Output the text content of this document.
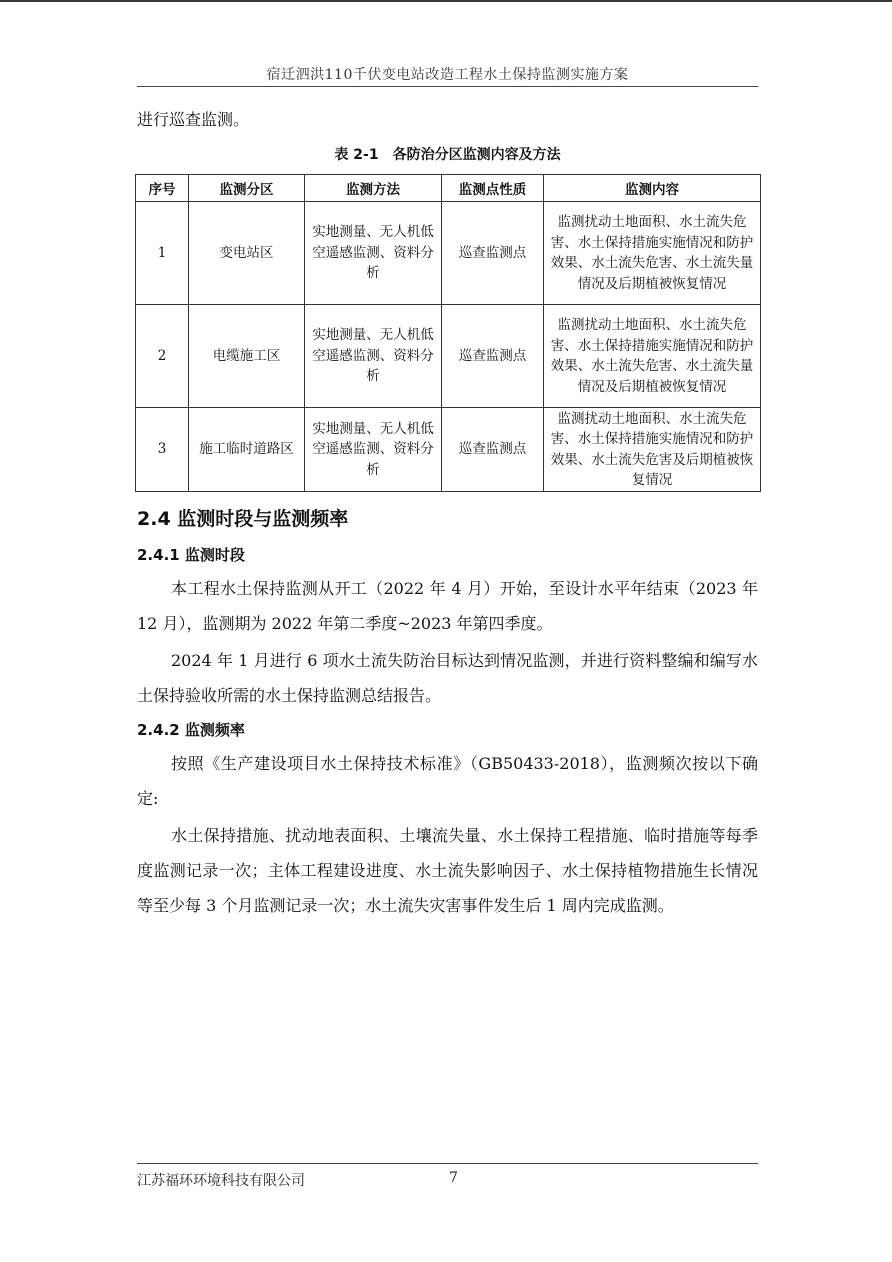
宿迁泗洪110千伏变电站改造工程水土保持监测实施方案
进行巡查监测。
表 2-1　各防治分区监测内容及方法
序号	监测分区	监测方法	监测点性质	监测内容
1	变电站区	实地测量、无人机低空遥感监测、资料分析	巡查监测点	监测扰动土地面积、水土流失危害、水土保持措施实施情况和防护效果、水土流失危害、水土流失量情况及后期植被恢复情况
2	电缆施工区	实地测量、无人机低空遥感监测、资料分析	巡查监测点	监测扰动土地面积、水土流失危害、水土保持措施实施情况和防护效果、水土流失危害、水土流失量情况及后期植被恢复情况
3	施工临时道路区	实地测量、无人机低空遥感监测、资料分析	巡查监测点	监测扰动土地面积、水土流失危害、水土保持措施实施情况和防护效果、水土流失危害及后期植被恢复情况
2.4 监测时段与监测频率
2.4.1 监测时段
本工程水土保持监测从开工（2022 年 4 月）开始，至设计水平年结束（2023 年 12 月），监测期为 2022 年第二季度~2023 年第四季度。
2024 年 1 月进行 6 项水土流失防治目标达到情况监测，并进行资料整编和编写水土保持验收所需的水土保持监测总结报告。
2.4.2 监测频率
按照《生产建设项目水土保持技术标准》（GB50433-2018），监测频次按以下确定:
水土保持措施、扰动地表面积、土壤流失量、水土保持工程措施、临时措施等每季度监测记录一次；主体工程建设进度、水土流失影响因子、水土保持植物措施生长情况等至少每 3 个月监测记录一次；水土流失灾害事件发生后 1 周内完成监测。
江苏福环环境科技有限公司	7
